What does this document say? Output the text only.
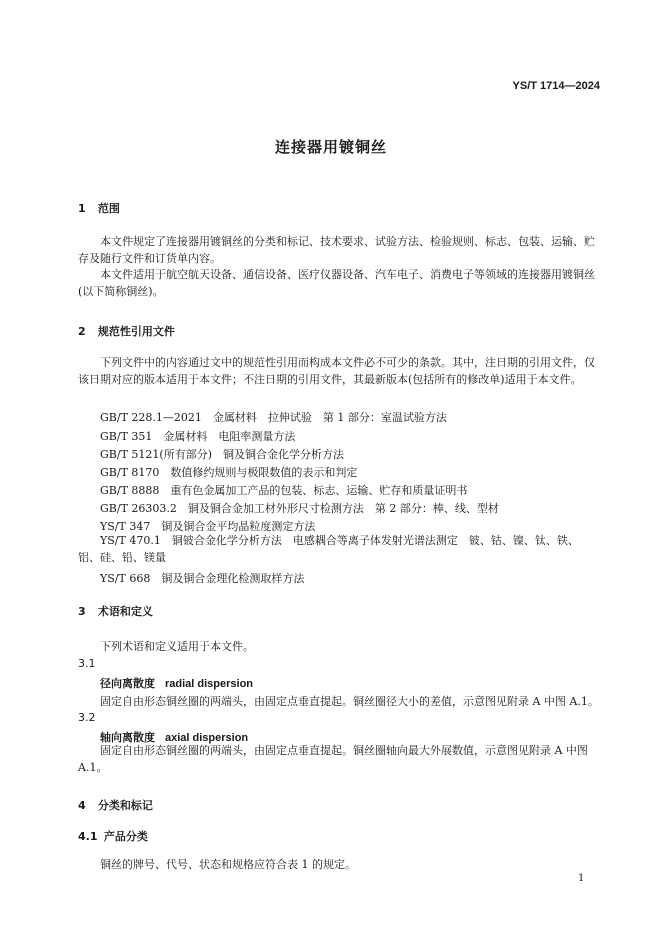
YS/T 1714—2024
连接器用镀铜丝
1 范围

本文件规定了连接器用镀铜丝的分类和标记、技术要求、试验方法、检验规则、标志、包装、运输、贮存及随行文件和订货单内容。

本文件适用于航空航天设备、通信设备、医疗仪器设备、汽车电子、消费电子等领域的连接器用镀铜丝(以下简称铜丝)。

2 规范性引用文件

下列文件中的内容通过文中的规范性引用而构成本文件必不可少的条款。其中，注日期的引用文件，仅该日期对应的版本适用于本文件；不注日期的引用文件，其最新版本(包括所有的修改单)适用于本文件。

GB/T 228.1—2021　金属材料　拉伸试验　第 1 部分：室温试验方法
GB/T 351　金属材料　电阻率测量方法
GB/T 5121(所有部分)　铜及铜合金化学分析方法
GB/T 8170　数值修约规则与极限数值的表示和判定
GB/T 8888　重有色金属加工产品的包装、标志、运输、贮存和质量证明书
GB/T 26303.2　铜及铜合金加工材外形尺寸检测方法　第 2 部分：棒、线、型材
YS/T 347　铜及铜合金平均晶粒度测定方法

YS/T 470.1　铜铍合金化学分析方法　电感耦合等离子体发射光谱法测定　铍、钴、镍、钛、铁、铝、硅、铅、镁量

YS/T 668　铜及铜合金理化检测取样方法
3 术语和定义
下列术语和定义适用于本文件。
3.1
径向离散度 radial dispersion
固定自由形态铜丝圈的两端头，由固定点垂直提起。铜丝圈径大小的差值，示意图见附录 A 中图 A.1。
3.2
轴向离散度 axial dispersion

固定自由形态铜丝圈的两端头，由固定点垂直提起。铜丝圈轴向最大外展数值，示意图见附录 A 中图 A.1。

4 分类和标记
4.1 产品分类
铜丝的牌号、代号、状态和规格应符合表 1 的规定。
1
